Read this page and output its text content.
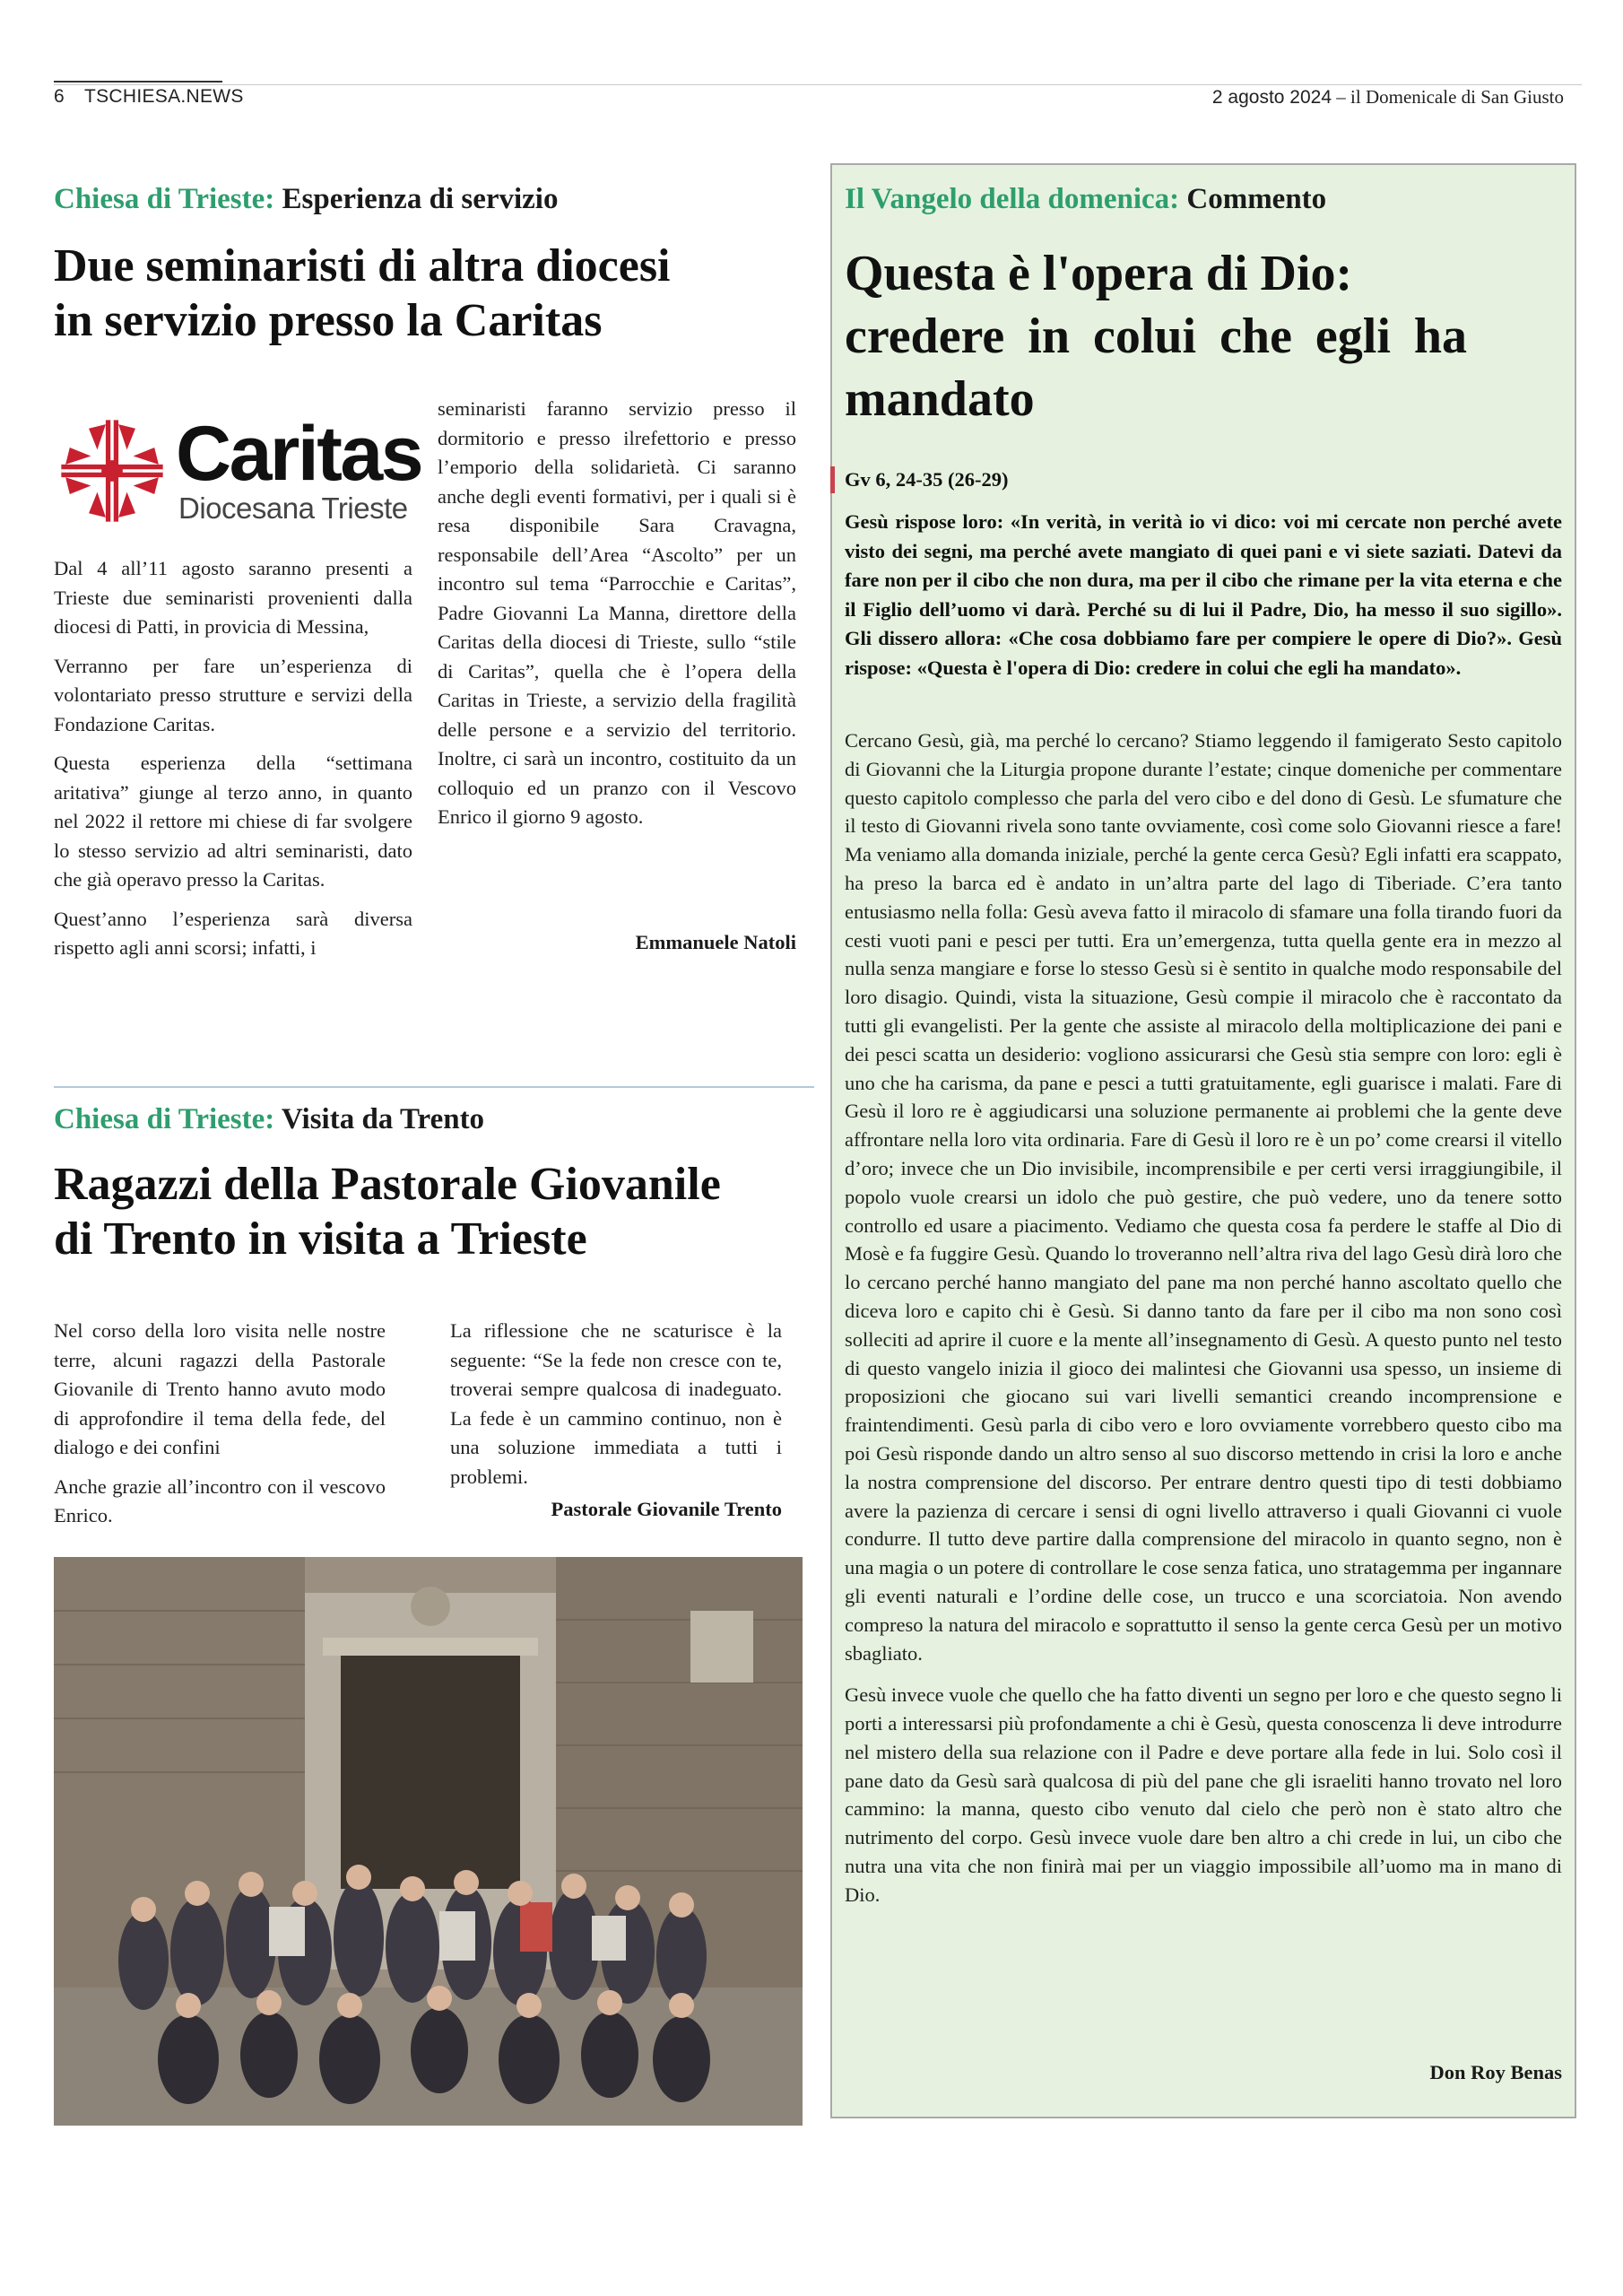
6 TSCHIESA.NEWS	2 agosto 2024 – il Domenicale di San Giusto
Chiesa di Trieste: Esperienza di servizio
Due seminaristi di altra diocesi
in servizio presso la Caritas
Caritas
Diocesana Trieste

Dal 4 all’11 agosto saranno presenti a Trieste due seminaristi provenienti dalla diocesi di Patti, in provicia di Messina,

Verranno per fare un’esperienza di volontariato presso strutture e servizi della Fondazione Caritas.

Questa esperienza della “settimana aritativa” giunge al terzo anno, in quanto nel 2022 il rettore mi chiese di far svolgere lo stesso servizio ad altri seminaristi, dato che già operavo presso la Caritas.

Quest’anno l’esperienza sarà diversa rispetto agli anni scorsi; infatti, i

seminaristi faranno servizio presso il dormitorio e presso ilrefettorio e presso l’emporio della solidarietà. Ci saranno anche degli eventi formativi, per i quali si è resa disponibile Sara Cravagna, responsabile dell’Area “Ascolto” per un incontro sul tema “Parrocchie e Caritas”, Padre Giovanni La Manna, direttore della Caritas della diocesi di Trieste, sullo “stile di Caritas”, quella che è l’opera della Caritas in Trieste, a servizio della fragilità delle persone e a servizio del territorio. Inoltre, ci sarà un incontro, costituito da un colloquio ed un pranzo con il Vescovo Enrico il giorno 9 agosto.

Emmanuele Natoli
Chiesa di Trieste: Visita da Trento
Ragazzi della Pastorale Giovanile
di Trento in visita a Trieste

Nel corso della loro visita nelle nostre terre, alcuni ragazzi della Pastorale Giovanile di Trento hanno avuto modo di approfondire il tema della fede, del dialogo e dei confini

Anche grazie all’incontro con il vescovo Enrico.

La riflessione che ne scaturisce è la seguente: “Se la fede non cresce con te, troverai sempre qualcosa di inadeguato. La fede è un cammino continuo, non è una soluzione immediata a tutti i problemi.

Pastorale Giovanile Trento
Il Vangelo della domenica: Commento
Questa è l'opera di Dio:
credere in colui che egli ha
mandato
Gv 6, 24-35 (26-29)
Gesù rispose loro: «In verità, in verità io vi dico: voi mi cercate non perché avete visto dei segni, ma perché avete mangiato di quei pani e vi siete saziati. Datevi da fare non per il cibo che non dura, ma per il cibo che rimane per la vita eterna e che il Figlio dell’uomo vi darà. Perché su di lui il Padre, Dio, ha messo il suo sigillo». Gli dissero allora: «Che cosa dobbiamo fare per compiere le opere di Dio?». Gesù rispose: «Questa è l'opera di Dio: credere in colui che egli ha mandato».

Cercano Gesù, già, ma perché lo cercano? Stiamo leggendo il famigerato Sesto capitolo di Giovanni che la Liturgia propone durante l’estate; cinque domeniche per commentare questo capitolo complesso che parla del vero cibo e del dono di Gesù. Le sfumature che il testo di Giovanni rivela sono tante ovviamente, così come solo Giovanni riesce a fare! Ma veniamo alla domanda iniziale, perché la gente cerca Gesù? Egli infatti era scappato, ha preso la barca ed è andato in un’altra parte del lago di Tiberiade. C’era tanto entusiasmo nella folla: Gesù aveva fatto il miracolo di sfamare una folla tirando fuori da cesti vuoti pani e pesci per tutti. Era un’emergenza, tutta quella gente era in mezzo al nulla senza mangiare e forse lo stesso Gesù si è sentito in qualche modo responsabile del loro disagio. Quindi, vista la situazione, Gesù compie il miracolo che è raccontato da tutti gli evangelisti. Per la gente che assiste al miracolo della moltiplicazione dei pani e dei pesci scatta un desiderio: vogliono assicurarsi che Gesù stia sempre con loro: egli è uno che ha carisma, da pane e pesci a tutti gratuitamente, egli guarisce i malati. Fare di Gesù il loro re è aggiudicarsi una soluzione permanente ai problemi che la gente deve affrontare nella loro vita ordinaria. Fare di Gesù il loro re è un po’ come crearsi il vitello d’oro; invece che un Dio invisibile, incomprensibile e per certi versi irraggiungibile, il popolo vuole crearsi un idolo che può gestire, che può vedere, uno da tenere sotto controllo ed usare a piacimento. Vediamo che questa cosa fa perdere le staffe al Dio di Mosè e fa fuggire Gesù. Quando lo troveranno nell’altra riva del lago Gesù dirà loro che lo cercano perché hanno mangiato del pane ma non perché hanno ascoltato quello che diceva loro e capito chi è Gesù. Si danno tanto da fare per il cibo ma non sono così solleciti ad aprire il cuore e la mente all’insegnamento di Gesù. A questo punto nel testo di questo vangelo inizia il gioco dei malintesi che Giovanni usa spesso, un insieme di proposizioni che giocano sui vari livelli semantici creando incomprensione e fraintendimenti. Gesù parla di cibo vero e loro ovviamente vorrebbero questo cibo ma poi Gesù risponde dando un altro senso al suo discorso mettendo in crisi la loro e anche la nostra comprensione del discorso. Per entrare dentro questi tipo di testi dobbiamo avere la pazienza di cercare i sensi di ogni livello attraverso i quali Giovanni ci vuole condurre. Il tutto deve partire dalla comprensione del miracolo in quanto segno, non è una magia o un potere di controllare le cose senza fatica, uno stratagemma per ingannare gli eventi naturali e l’ordine delle cose, un trucco e una scorciatoia. Non avendo compreso la natura del miracolo e soprattutto il senso la gente cerca Gesù per un motivo sbagliato.

Gesù invece vuole che quello che ha fatto diventi un segno per loro e che questo segno li porti a interessarsi più profondamente a chi è Gesù, questa conoscenza li deve introdurre nel mistero della sua relazione con il Padre e deve portare alla fede in lui. Solo così il pane dato da Gesù sarà qualcosa di più del pane che gli israeliti hanno trovato nel loro cammino: la manna, questo cibo venuto dal cielo che però non è stato altro che nutrimento del corpo. Gesù invece vuole dare ben altro a chi crede in lui, un cibo che nutra una vita che non finirà mai per un viaggio impossibile all’uomo ma in mano di Dio.

Don Roy Benas
